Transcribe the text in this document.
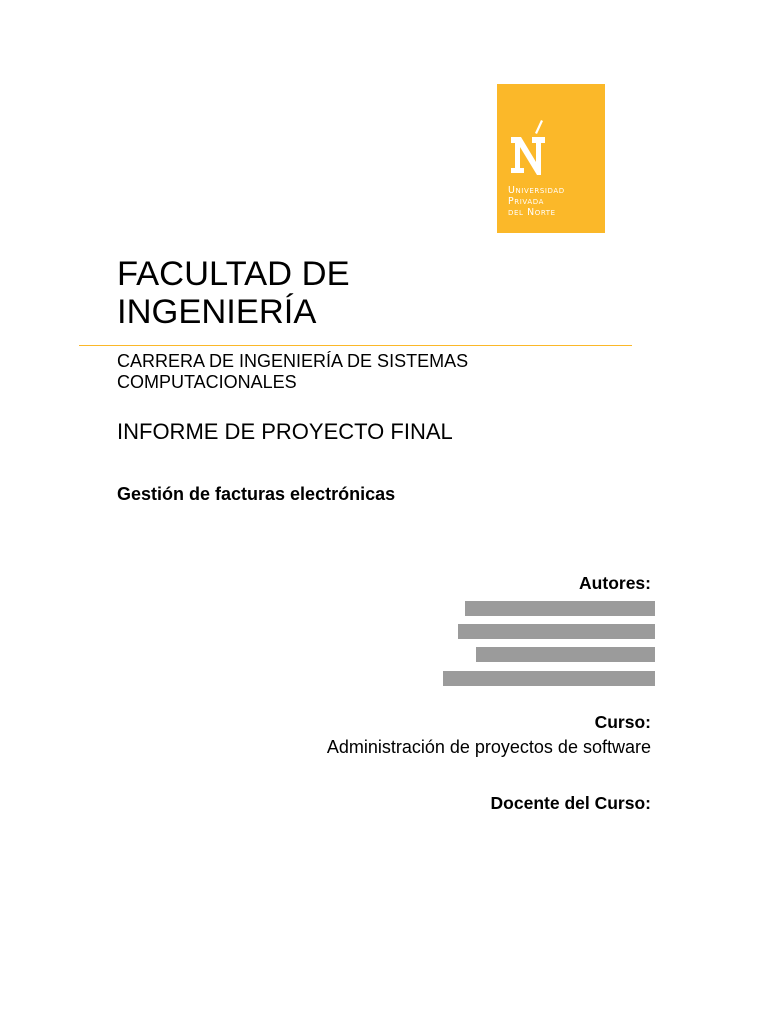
Universidad
Privada
del Norte
FACULTAD DE
INGENIERÍA
CARRERA DE INGENIERÍA DE SISTEMAS
COMPUTACIONALES
INFORME DE PROYECTO FINAL
Gestión de facturas electrónicas
Autores:
Curso:
Administración de proyectos de software
Docente del Curso:
